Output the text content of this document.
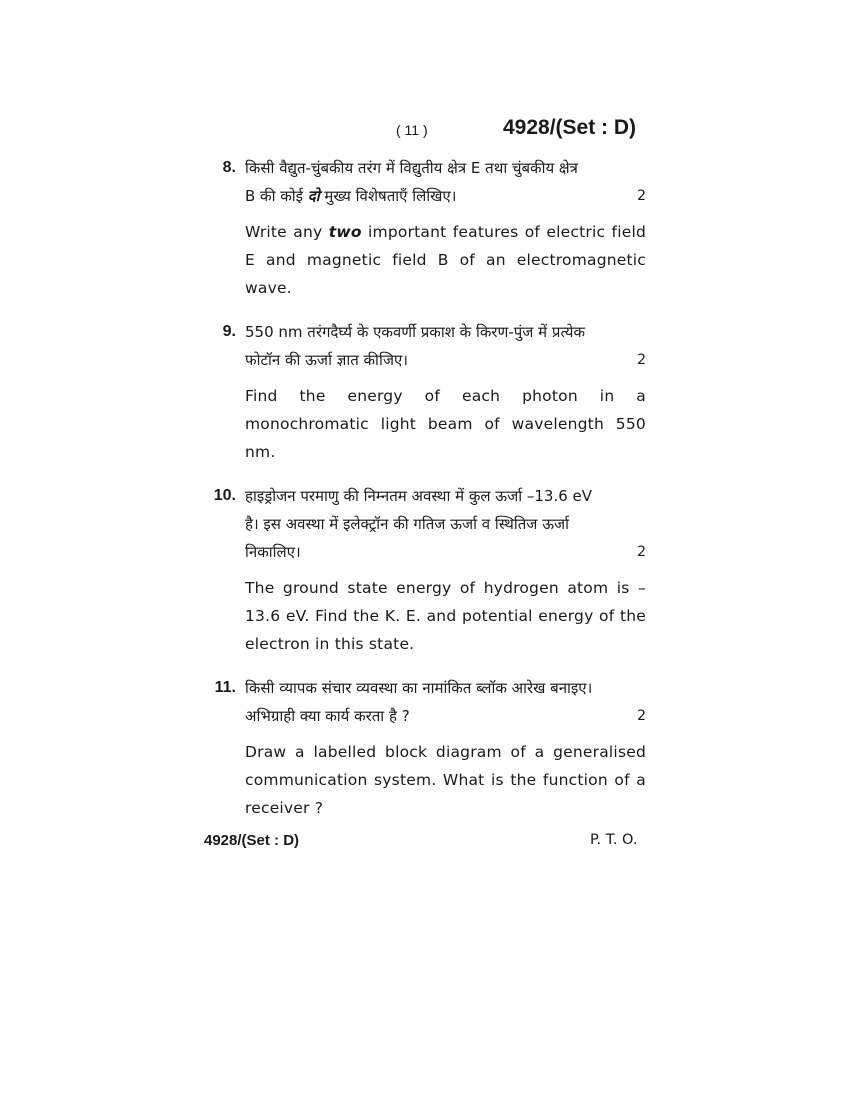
( 11 )	4928/(Set : D)
8. किसी वैद्युत-चुंबकीय तरंग में विद्युतीय क्षेत्र E तथा चुंबकीय क्षेत्र
B की कोई दो मुख्य विशेषताएँ लिखिए।	2
Write any two important features of electric field E and magnetic field B of an electromagnetic wave.
9. 550 nm तरंगदैर्घ्य के एकवर्णी प्रकाश के किरण-पुंज में प्रत्येक
फोटॉन की ऊर्जा ज्ञात कीजिए।	2
Find the energy of each photon in a monochromatic light beam of wavelength 550 nm.
10. हाइड्रोजन परमाणु की निम्नतम अवस्था में कुल ऊर्जा –13.6 eV
है। इस अवस्था में इलेक्ट्रॉन की गतिज ऊर्जा व स्थितिज ऊर्जा
निकालिए।	2
The ground state energy of hydrogen atom is –13.6 eV. Find the K. E. and potential energy of the electron in this state.
11. किसी व्यापक संचार व्यवस्था का नामांकित ब्लॉक आरेख बनाइए।
अभिग्राही क्या कार्य करता है ?	2
Draw a labelled block diagram of a generalised communication system. What is the function of a receiver ?
4928/(Set : D)	P. T. O.
